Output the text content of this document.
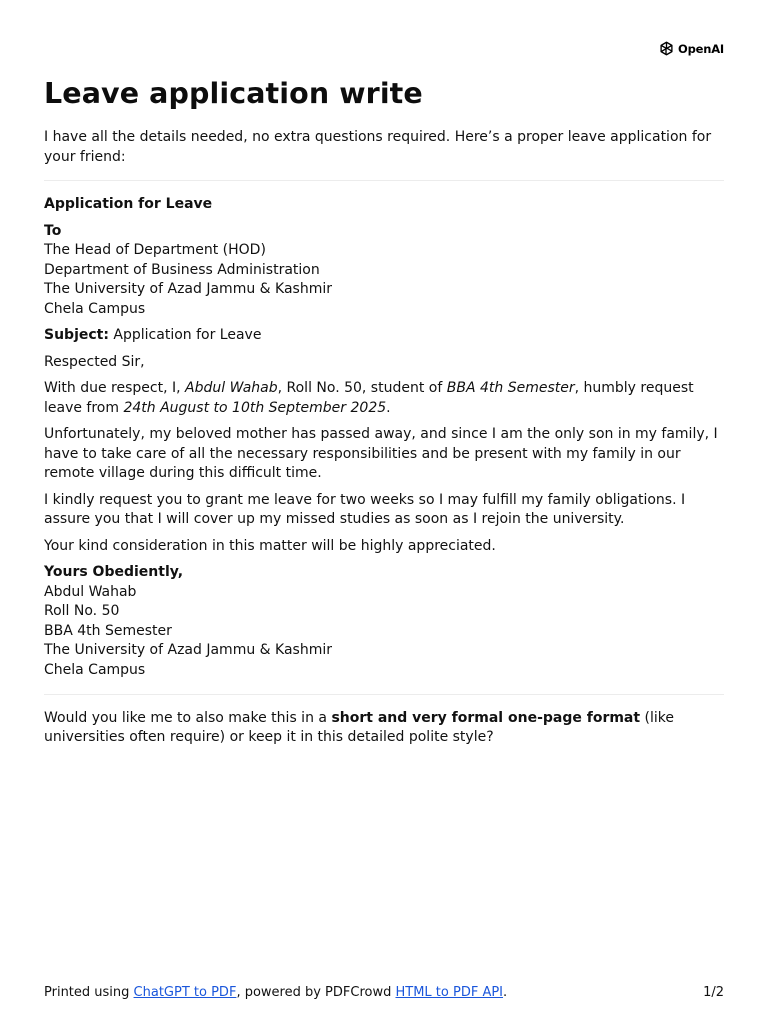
OpenAI
Leave application write

I have all the details needed, no extra questions required. Here’s a proper leave application for your friend:

Application for Leave

To
The Head of Department (HOD)
Department of Business Administration
The University of Azad Jammu & Kashmir
Chela Campus

Subject: Application for Leave

Respected Sir,

With due respect, I, Abdul Wahab, Roll No. 50, student of BBA 4th Semester, humbly request leave from 24th August to 10th September 2025.

Unfortunately, my beloved mother has passed away, and since I am the only son in my family, I have to take care of all the necessary responsibilities and be present with my family in our remote village during this difficult time.

I kindly request you to grant me leave for two weeks so I may fulfill my family obligations. I assure you that I will cover up my missed studies as soon as I rejoin the university.

Your kind consideration in this matter will be highly appreciated.

Yours Obediently,
Abdul Wahab
Roll No. 50
BBA 4th Semester
The University of Azad Jammu & Kashmir
Chela Campus

Would you like me to also make this in a short and very formal one-page format (like universities often require) or keep it in this detailed polite style?

Printed using ChatGPT to PDF, powered by PDFCrowd HTML to PDF API.	1/2
